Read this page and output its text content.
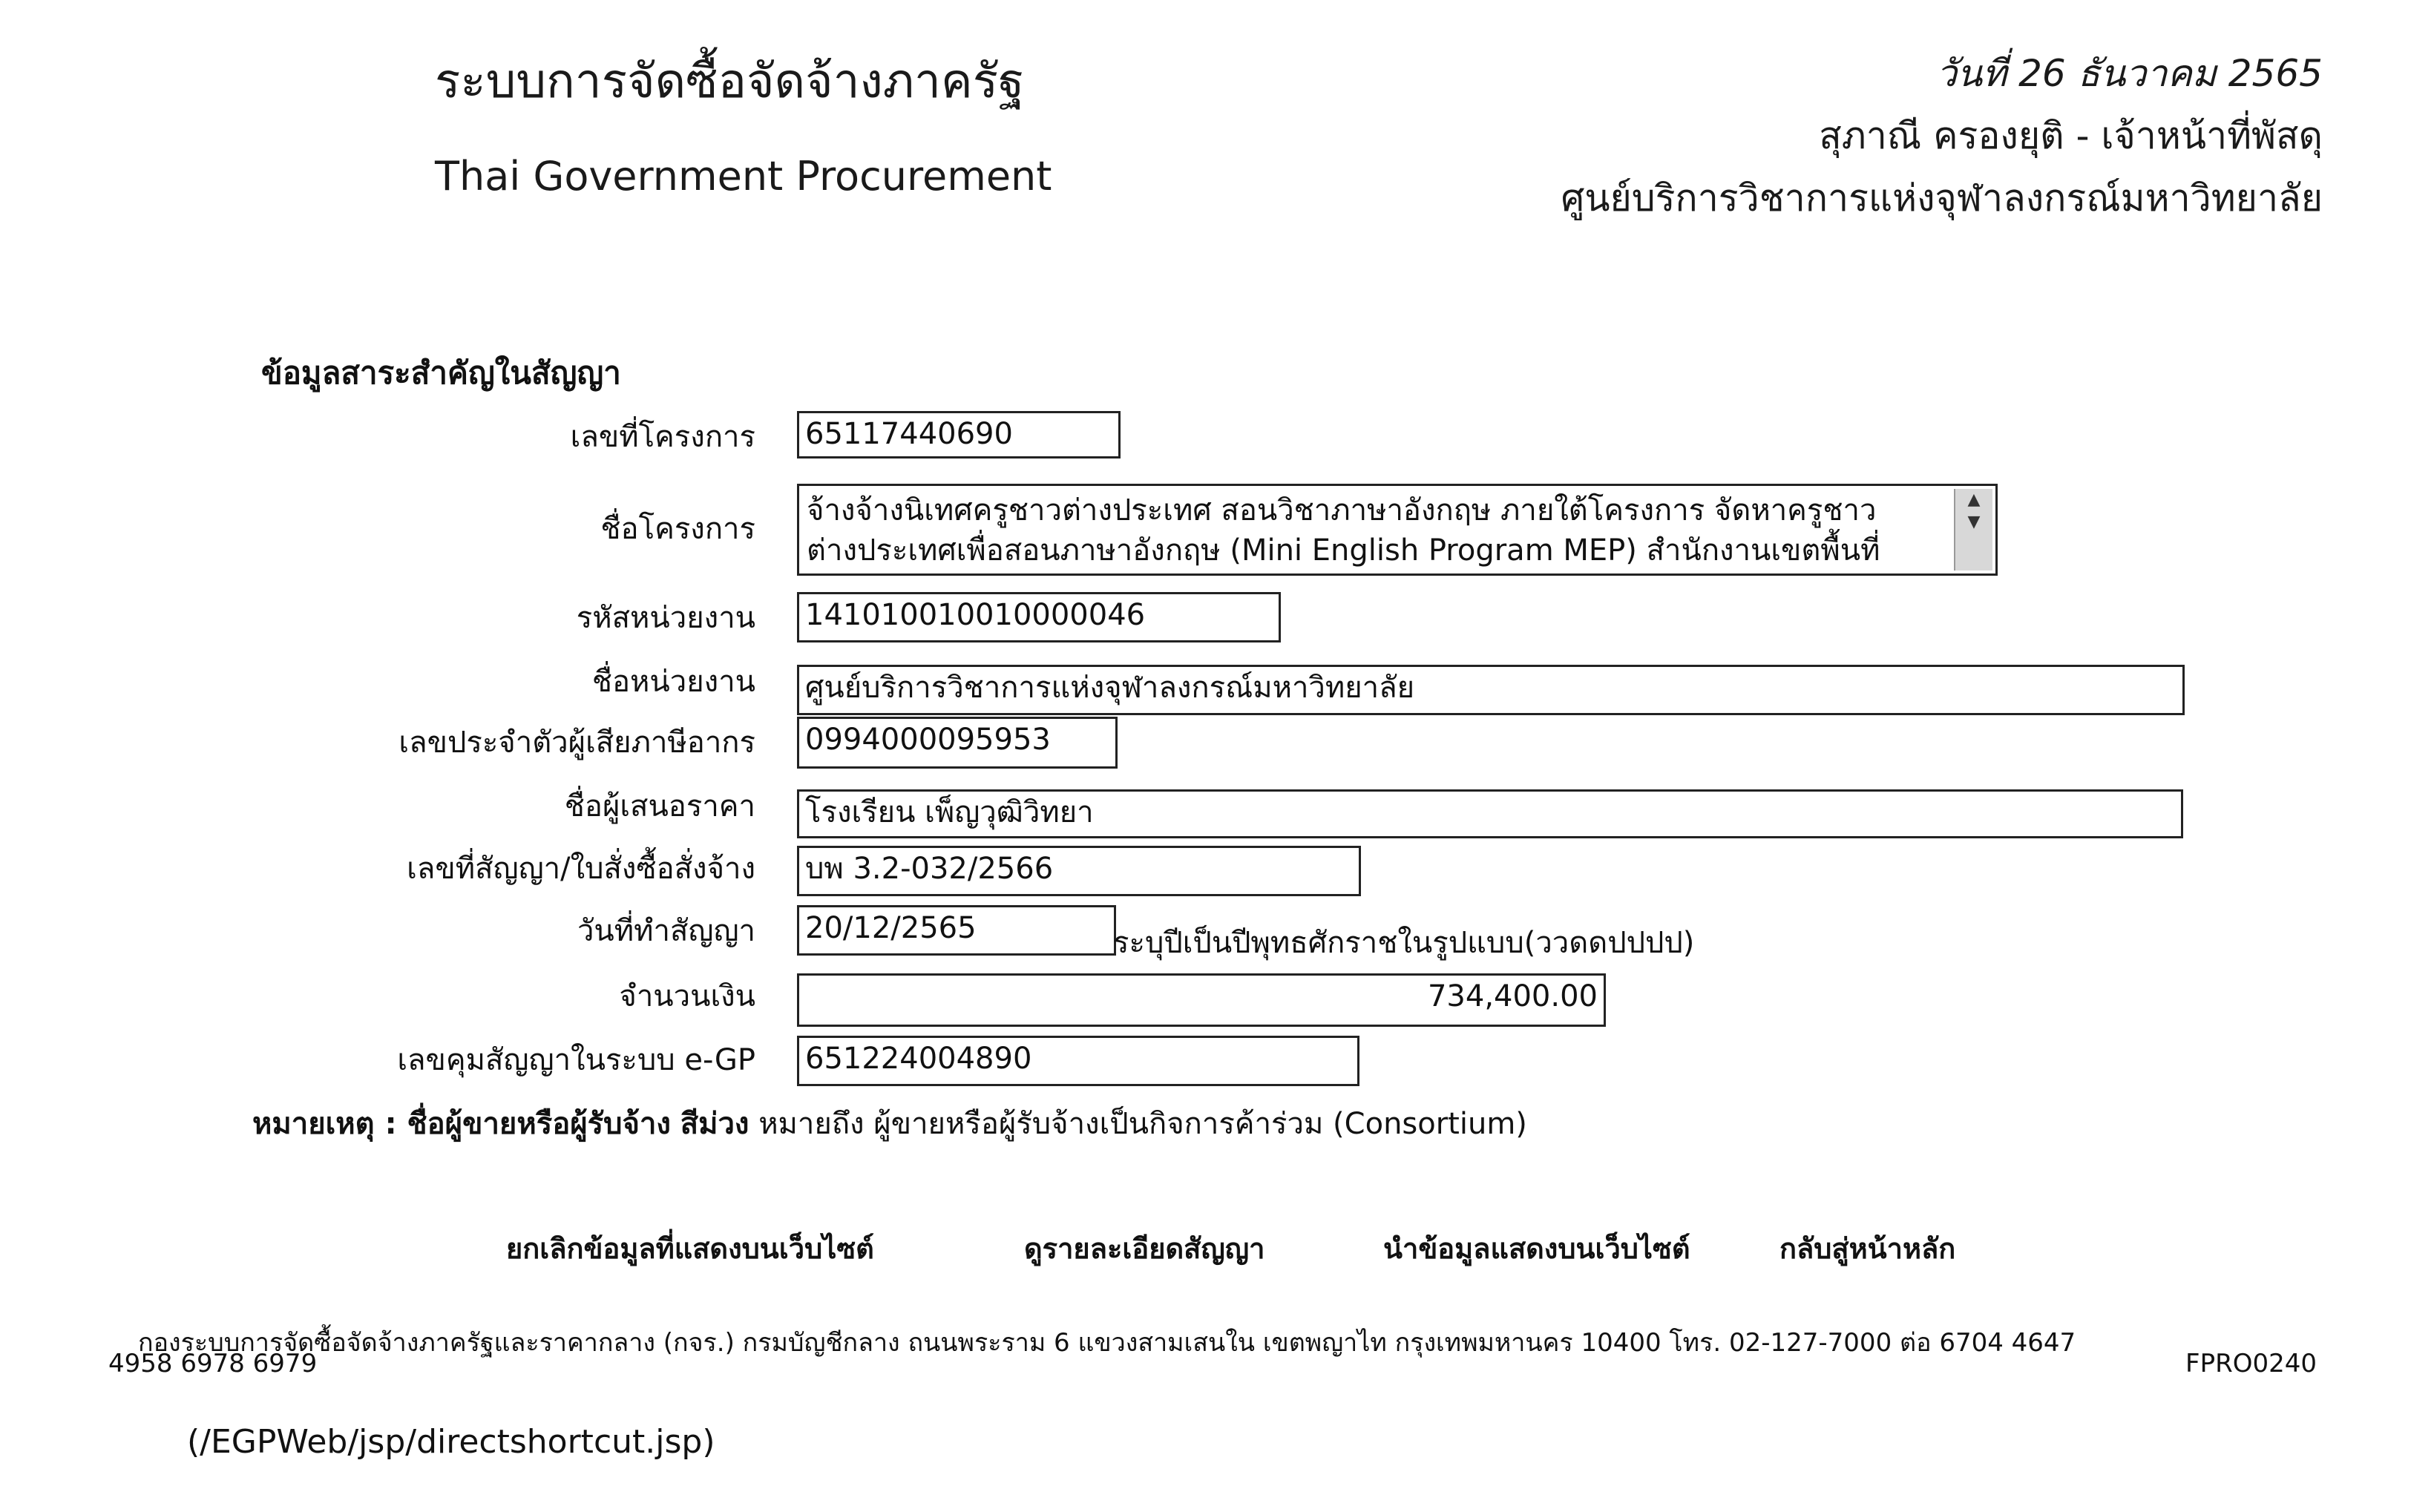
ระบบการจัดซื้อจัดจ้างภาครัฐ
Thai Government Procurement
วันที่ 26 ธันวาคม 2565
สุภาณี ครองยุติ - เจ้าหน้าที่พัสดุ
ศูนย์บริการวิชาการแห่งจุฬาลงกรณ์มหาวิทยาลัย
ข้อมูลสาระสำคัญในสัญญา
เลขที่โครงการ 65117440690
ชื่อโครงการ
จ้างจ้างนิเทศครูชาวต่างประเทศ สอนวิชาภาษาอังกฤษ ภายใต้โครงการ จัดหาครูชาว
ต่างประเทศเพื่อสอนภาษาอังกฤษ (Mini English Program MEP) สำนักงานเขตพื้นที่
▲
▼
รหัสหน่วยงาน 141010010010000046
ชื่อหน่วยงาน ศูนย์บริการวิชาการแห่งจุฬาลงกรณ์มหาวิทยาลัย
เลขประจำตัวผู้เสียภาษีอากร 0994000095953
ชื่อผู้เสนอราคา โรงเรียน เพ็ญวุฒิวิทยา
เลขที่สัญญา/ใบสั่งซื้อสั่งจ้าง บพ 3.2-032/2566
วันที่ทำสัญญา 20/12/2565	ระบุปีเป็นปีพุทธศักราชในรูปแบบ(ววดดปปปป)
จำนวนเงิน	734,400.00
เลขคุมสัญญาในระบบ e-GP 651224004890
หมายเหตุ : ชื่อผู้ขายหรือผู้รับจ้าง สีม่วง หมายถึง ผู้ขายหรือผู้รับจ้างเป็นกิจการค้าร่วม (Consortium)
ยกเลิกข้อมูลที่แสดงบนเว็บไซต์	ดูรายละเอียดสัญญา	นำข้อมูลแสดงบนเว็บไซต์	กลับสู่หน้าหลัก
กองระบบการจัดซื้อจัดจ้างภาครัฐและราคากลาง (กจร.) กรมบัญชีกลาง ถนนพระราม 6 แขวงสามเสนใน เขตพญาไท กรุงเทพมหานคร 10400 โทร. 02-127-7000 ต่อ 6704 4647
4958 6978 6979	FPRO0240
(/EGPWeb/jsp/directshortcut.jsp)
